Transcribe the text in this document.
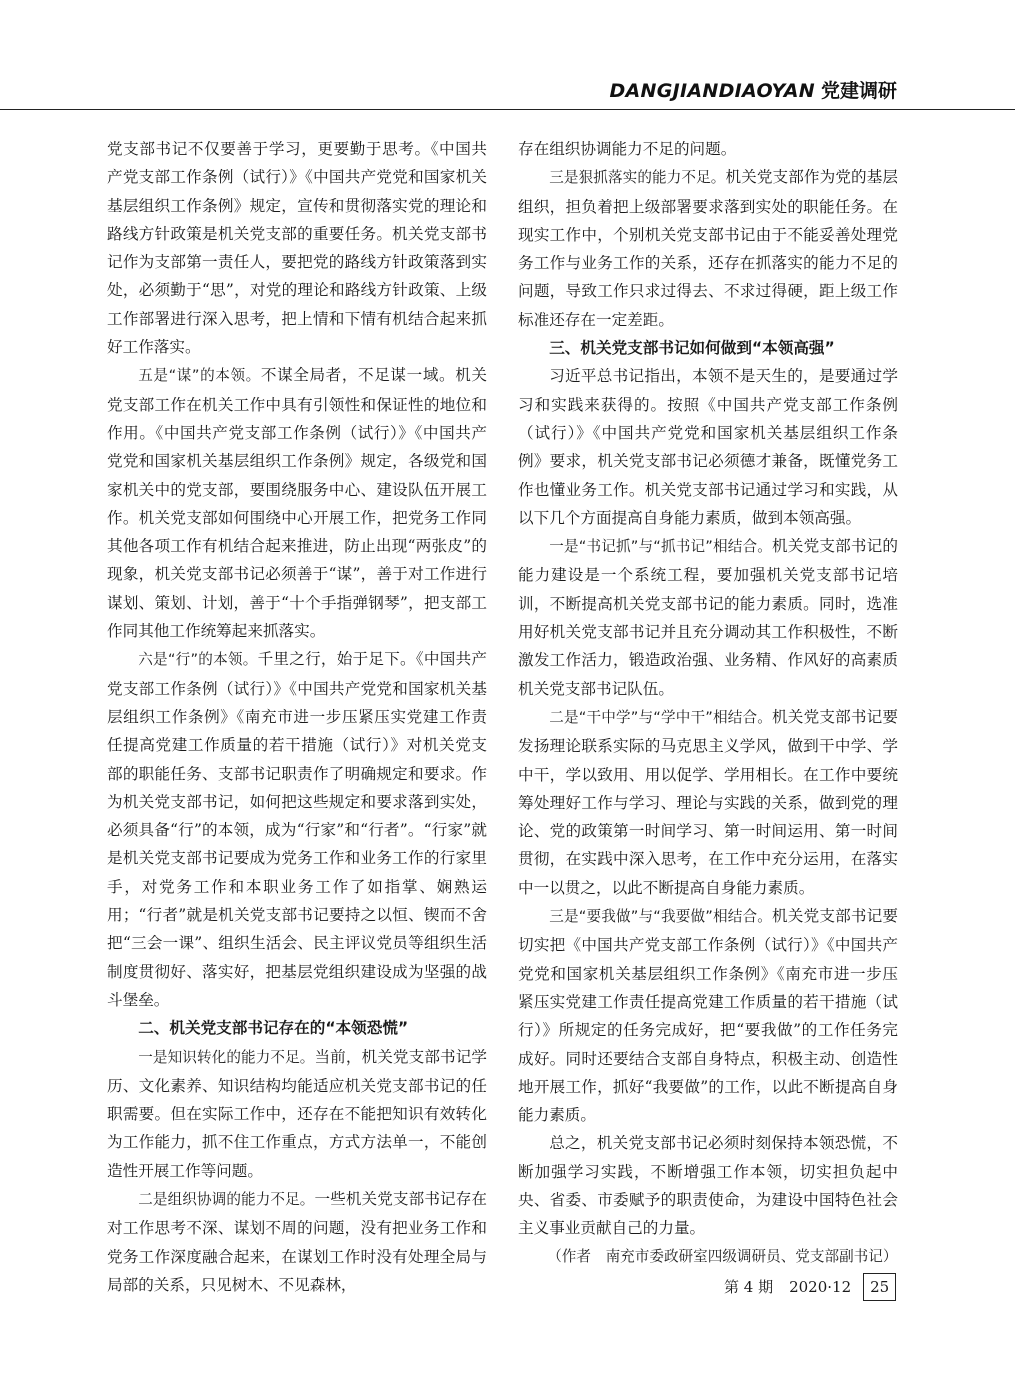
DANGJIANDIAOYAN 党建调研

党支部书记不仅要善于学习，更要勤于思考。《中国共产党支部工作条例（试行）》《中国共产党党和国家机关基层组织工作条例》规定，宣传和贯彻落实党的理论和路线方针政策是机关党支部的重要任务。机关党支部书记作为支部第一责任人，要把党的路线方针政策落到实处，必须勤于“思”，对党的理论和路线方针政策、上级工作部署进行深入思考，把上情和下情有机结合起来抓好工作落实。

五是“谋”的本领。不谋全局者，不足谋一域。机关党支部工作在机关工作中具有引领性和保证性的地位和作用。《中国共产党支部工作条例（试行）》《中国共产党党和国家机关基层组织工作条例》规定，各级党和国家机关中的党支部，要围绕服务中心、建设队伍开展工作。机关党支部如何围绕中心开展工作，把党务工作同其他各项工作有机结合起来推进，防止出现“两张皮”的现象，机关党支部书记必须善于“谋”，善于对工作进行谋划、策划、计划，善于“十个手指弹钢琴”，把支部工作同其他工作统筹起来抓落实。

六是“行”的本领。千里之行，始于足下。《中国共产党支部工作条例（试行）》《中国共产党党和国家机关基层组织工作条例》《南充市进一步压紧压实党建工作责任提高党建工作质量的若干措施（试行）》对机关党支部的职能任务、支部书记职责作了明确规定和要求。作为机关党支部书记，如何把这些规定和要求落到实处，必须具备“行”的本领，成为“行家”和“行者”。“行家”就是机关党支部书记要成为党务工作和业务工作的行家里手，对党务工作和本职业务工作了如指掌、娴熟运用；“行者”就是机关党支部书记要持之以恒、锲而不舍把“三会一课”、组织生活会、民主评议党员等组织生活制度贯彻好、落实好，把基层党组织建设成为坚强的战斗堡垒。

二、机关党支部书记存在的“本领恐慌”

一是知识转化的能力不足。当前，机关党支部书记学历、文化素养、知识结构均能适应机关党支部书记的任职需要。但在实际工作中，还存在不能把知识有效转化为工作能力，抓不住工作重点，方式方法单一，不能创造性开展工作等问题。

二是组织协调的能力不足。一些机关党支部书记存在对工作思考不深、谋划不周的问题，没有把业务工作和党务工作深度融合起来，在谋划工作时没有处理全局与局部的关系，只见树木、不见森林，

存在组织协调能力不足的问题。

三是狠抓落实的能力不足。机关党支部作为党的基层组织，担负着把上级部署要求落到实处的职能任务。在现实工作中，个别机关党支部书记由于不能妥善处理党务工作与业务工作的关系，还存在抓落实的能力不足的问题，导致工作只求过得去、不求过得硬，距上级工作标准还存在一定差距。

三、机关党支部书记如何做到“本领高强”

习近平总书记指出，本领不是天生的，是要通过学习和实践来获得的。按照《中国共产党支部工作条例（试行）》《中国共产党党和国家机关基层组织工作条例》要求，机关党支部书记必须德才兼备，既懂党务工作也懂业务工作。机关党支部书记通过学习和实践，从以下几个方面提高自身能力素质，做到本领高强。

一是“书记抓”与“抓书记”相结合。机关党支部书记的能力建设是一个系统工程，要加强机关党支部书记培训，不断提高机关党支部书记的能力素质。同时，选准用好机关党支部书记并且充分调动其工作积极性，不断激发工作活力，锻造政治强、业务精、作风好的高素质机关党支部书记队伍。

二是“干中学”与“学中干”相结合。机关党支部书记要发扬理论联系实际的马克思主义学风，做到干中学、学中干，学以致用、用以促学、学用相长。在工作中要统筹处理好工作与学习、理论与实践的关系，做到党的理论、党的政策第一时间学习、第一时间运用、第一时间贯彻，在实践中深入思考，在工作中充分运用，在落实中一以贯之，以此不断提高自身能力素质。

三是“要我做”与“我要做”相结合。机关党支部书记要切实把《中国共产党支部工作条例（试行）》《中国共产党党和国家机关基层组织工作条例》《南充市进一步压紧压实党建工作责任提高党建工作质量的若干措施（试行）》所规定的任务完成好，把“要我做”的工作任务完成好。同时还要结合支部自身特点，积极主动、创造性地开展工作，抓好“我要做”的工作，以此不断提高自身能力素质。

总之，机关党支部书记必须时刻保持本领恐慌，不断加强学习实践，不断增强工作本领，切实担负起中央、省委、市委赋予的职责使命，为建设中国特色社会主义事业贡献自己的力量。

（作者　南充市委政研室四级调研员、党支部副书记）

第 4 期 2020·12 25
